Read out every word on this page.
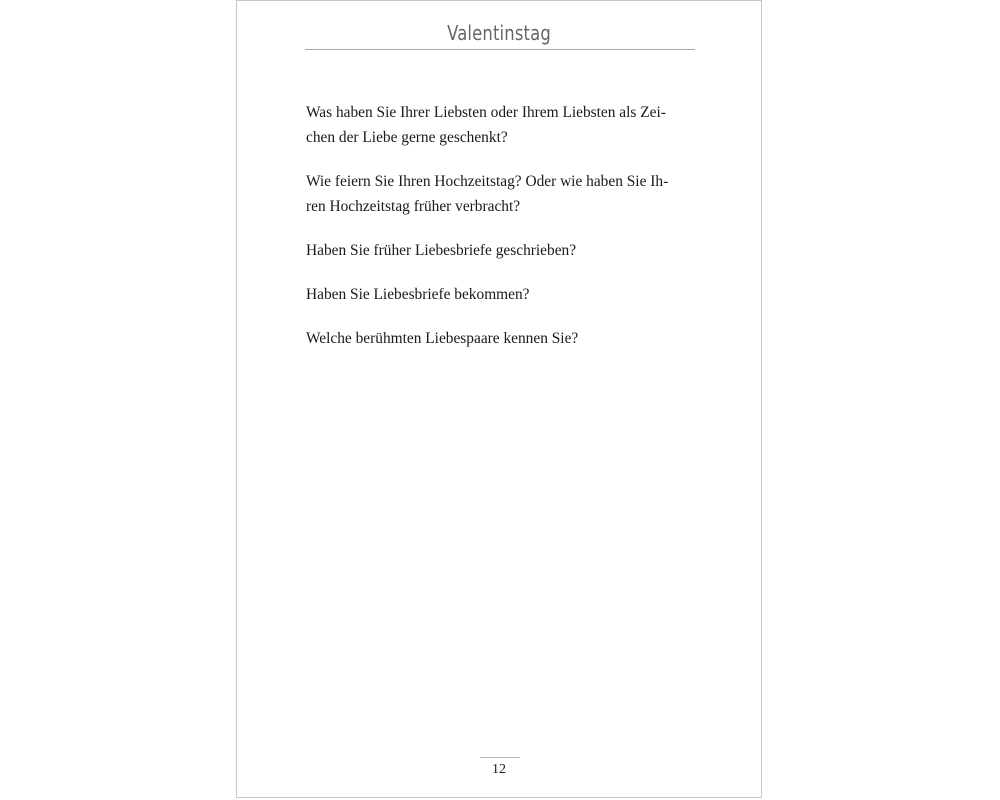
Valentinstag

Was haben Sie Ihrer Liebsten oder Ihrem Liebsten als Zei-
chen der Liebe gerne geschenkt?

Wie feiern Sie Ihren Hochzeitstag? Oder wie haben Sie Ih-
ren Hochzeitstag früher verbracht?

Haben Sie früher Liebesbriefe geschrieben?

Haben Sie Liebesbriefe bekommen?

Welche berühmten Liebespaare kennen Sie?

12
